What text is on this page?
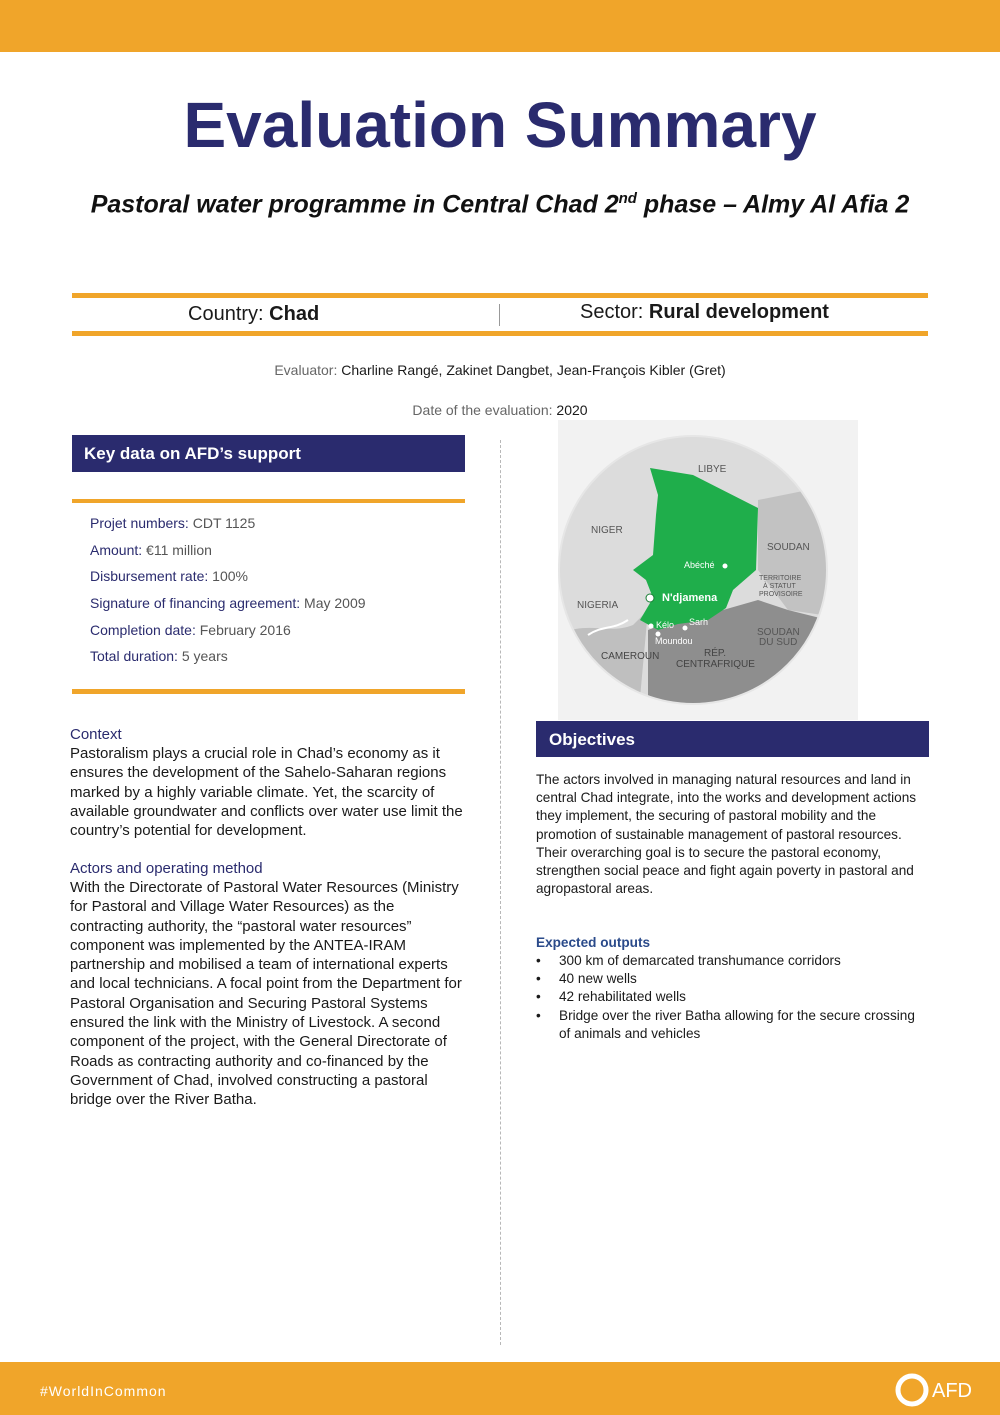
Evaluation Summary
Pastoral water programme in Central Chad 2nd phase – Almy Al Afia 2
Country: Chad	Sector: Rural development
Evaluator: Charline Rangé, Zakinet Dangbet, Jean-François Kibler (Gret)
Date of the evaluation: 2020
Key data on AFD’s support
Projet numbers: CDT 1125
Amount: €11 million
Disbursement rate: 100%
Signature of financing agreement: May 2009
Completion date: February 2016
Total duration: 5 years
LIBYE
NIGER
SOUDAN
TERRITOIRE
À STATUT
PROVISOIRE
NIGERIA
SOUDAN
DU SUD
CAMEROUN	RÉP.
CENTRAFRIQUE
Abéché
N'djamena
Kélo Sarh
Moundou
Context
Pastoralism plays a crucial role in Chad’s economy as it ensures the development of the Sahelo-Saharan regions marked by a highly variable climate. Yet, the scarcity of available groundwater and conflicts over water use limit the country’s potential for development.
Actors and operating method
With the Directorate of Pastoral Water Resources (Ministry for Pastoral and Village Water Resources) as the contracting authority, the “pastoral water resources” component was implemented by the ANTEA-IRAM partnership and mobilised a team of international experts and local technicians. A focal point from the Department for Pastoral Organisation and Securing Pastoral Systems ensured the link with the Ministry of Livestock. A second component of the project, with the General Directorate of Roads as contracting authority and co-financed by the Government of Chad, involved constructing a pastoral bridge over the River Batha.
Objectives
The actors involved in managing natural resources and land in central Chad integrate, into the works and development actions they implement, the securing of pastoral mobility and the promotion of sustainable management of pastoral resources. Their overarching goal is to secure the pastoral economy, strengthen social peace and fight again poverty in pastoral and agropastoral areas.
Expected outputs
• 300 km of demarcated transhumance corridors
• 40 new wells
• 42 rehabilitated wells
• Bridge over the river Batha allowing for the secure crossing of animals and vehicles
#WorldInCommon	AFD
